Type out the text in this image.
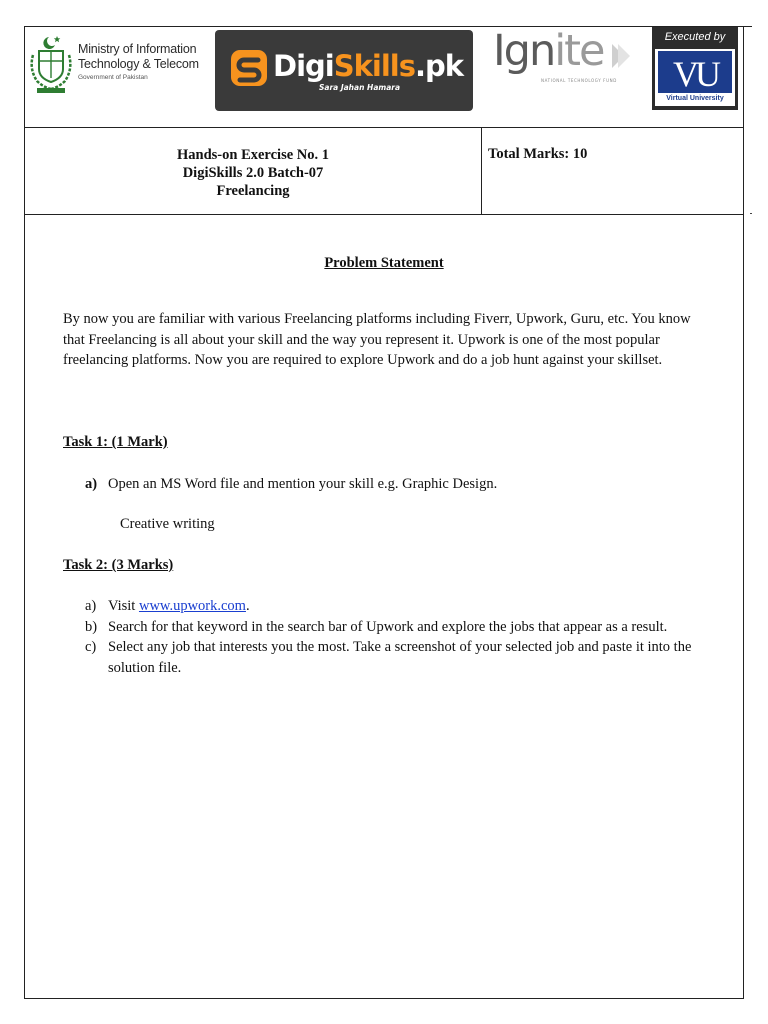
Ministry of Information
Technology & Telecom
Government of Pakistan	DigiSkills.pk
Sara Jahan Hamara
Ignite
NATIONAL TECHNOLOGY FUND
Executed by
VU
Virtual University
Hands-on Exercise No. 1
DigiSkills 2.0 Batch-07
Freelancing
Total Marks: 10
Problem Statement
By now you are familiar with various Freelancing platforms including Fiverr, Upwork, Guru, etc. You know that Freelancing is all about your skill and the way you represent it. Upwork is one of the most popular freelancing platforms. Now you are required to explore Upwork and do a job hunt against your skillset.
Task 1: (1 Mark)
a) Open an MS Word file and mention your skill e.g. Graphic Design.
Creative writing
Task 2: (3 Marks)
a) Visit www.upwork.com.
b) Search for that keyword in the search bar of Upwork and explore the jobs that appear as a result.
c) Select any job that interests you the most. Take a screenshot of your selected job and paste it into the solution file.
